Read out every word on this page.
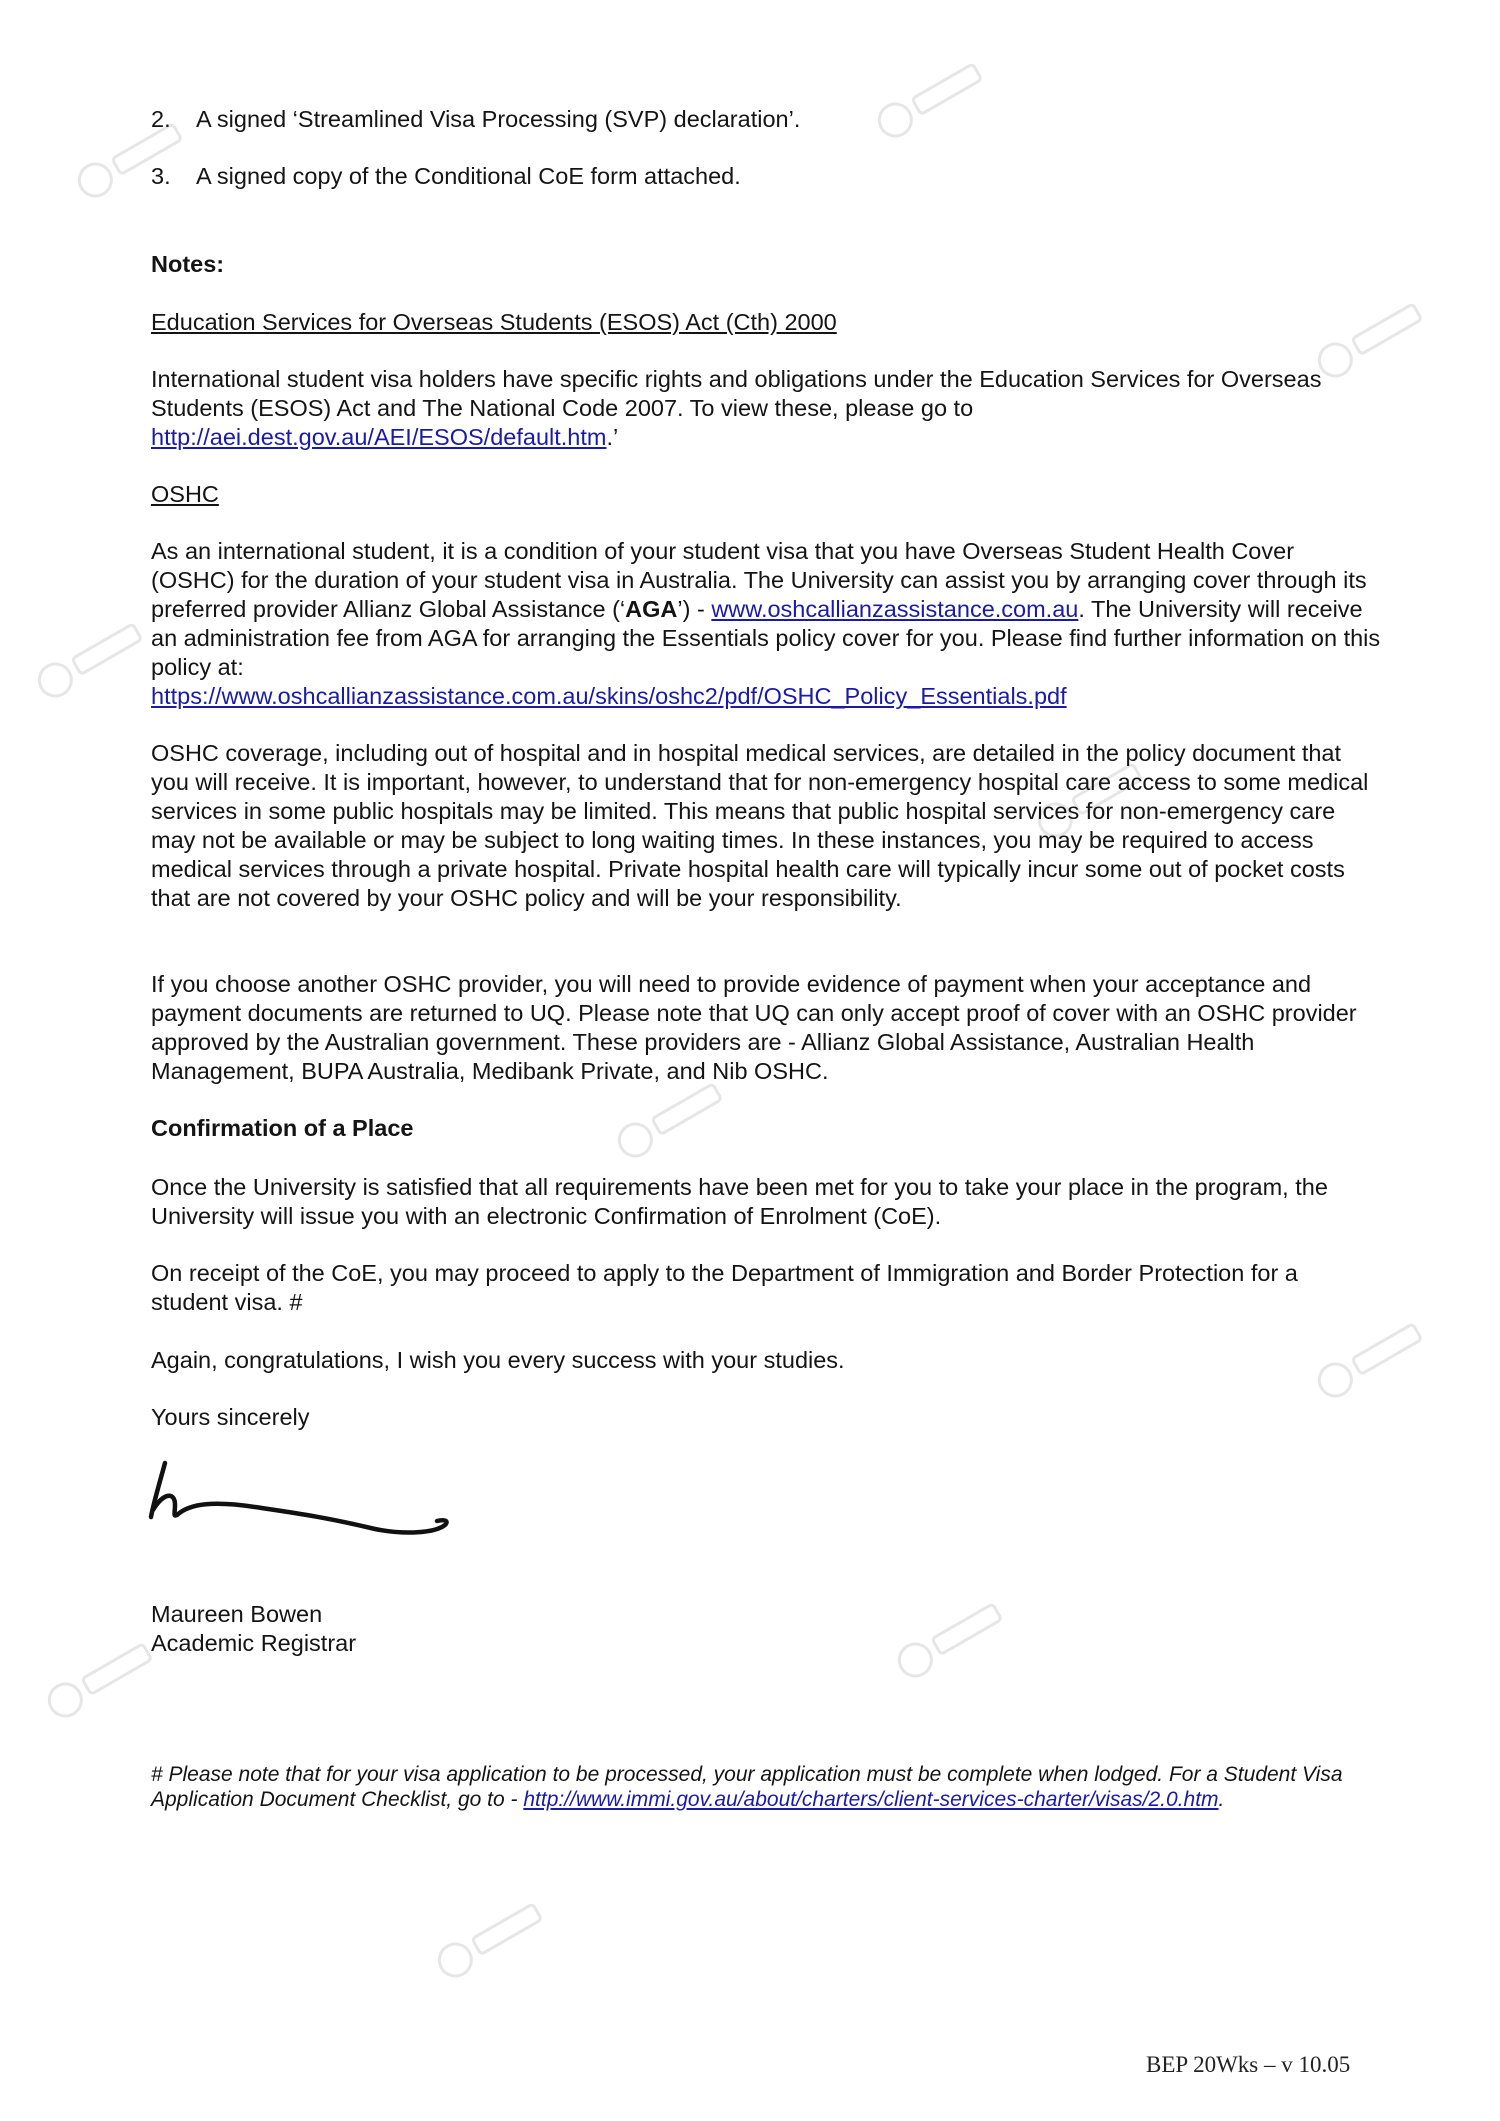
2. A signed ‘Streamlined Visa Processing (SVP) declaration’.
3. A signed copy of the Conditional CoE form attached.
Notes:
Education Services for Overseas Students (ESOS) Act (Cth) 2000
International student visa holders have specific rights and obligations under the Education Services for Overseas Students (ESOS) Act and The National Code 2007. To view these, please go to
http://aei.dest.gov.au/AEI/ESOS/default.htm.’
OSHC
As an international student, it is a condition of your student visa that you have Overseas Student Health Cover (OSHC) for the duration of your student visa in Australia. The University can assist you by arranging cover through its preferred provider Allianz Global Assistance (‘AGA’) - www.oshcallianzassistance.com.au. The University will receive an administration fee from AGA for arranging the Essentials policy cover for you. Please find further information on this policy at:
https://www.oshcallianzassistance.com.au/skins/oshc2/pdf/OSHC_Policy_Essentials.pdf
OSHC coverage, including out of hospital and in hospital medical services, are detailed in the policy document that you will receive. It is important, however, to understand that for non-emergency hospital care access to some medical services in some public hospitals may be limited. This means that public hospital services for non-emergency care may not be available or may be subject to long waiting times. In these instances, you may be required to access medical services through a private hospital. Private hospital health care will typically incur some out of pocket costs that are not covered by your OSHC policy and will be your responsibility.
If you choose another OSHC provider, you will need to provide evidence of payment when your acceptance and payment documents are returned to UQ. Please note that UQ can only accept proof of cover with an OSHC provider approved by the Australian government. These providers are - Allianz Global Assistance, Australian Health Management, BUPA Australia, Medibank Private, and Nib OSHC.
Confirmation of a Place
Once the University is satisfied that all requirements have been met for you to take your place in the program, the University will issue you with an electronic Confirmation of Enrolment (CoE).
On receipt of the CoE, you may proceed to apply to the Department of Immigration and Border Protection for a student visa. #
Again, congratulations, I wish you every success with your studies.
Yours sincerely
Maureen Bowen
Academic Registrar
# Please note that for your visa application to be processed, your application must be complete when lodged. For a Student Visa Application Document Checklist, go to - http://www.immi.gov.au/about/charters/client-services-charter/visas/2.0.htm.
BEP 20Wks – v 10.05
